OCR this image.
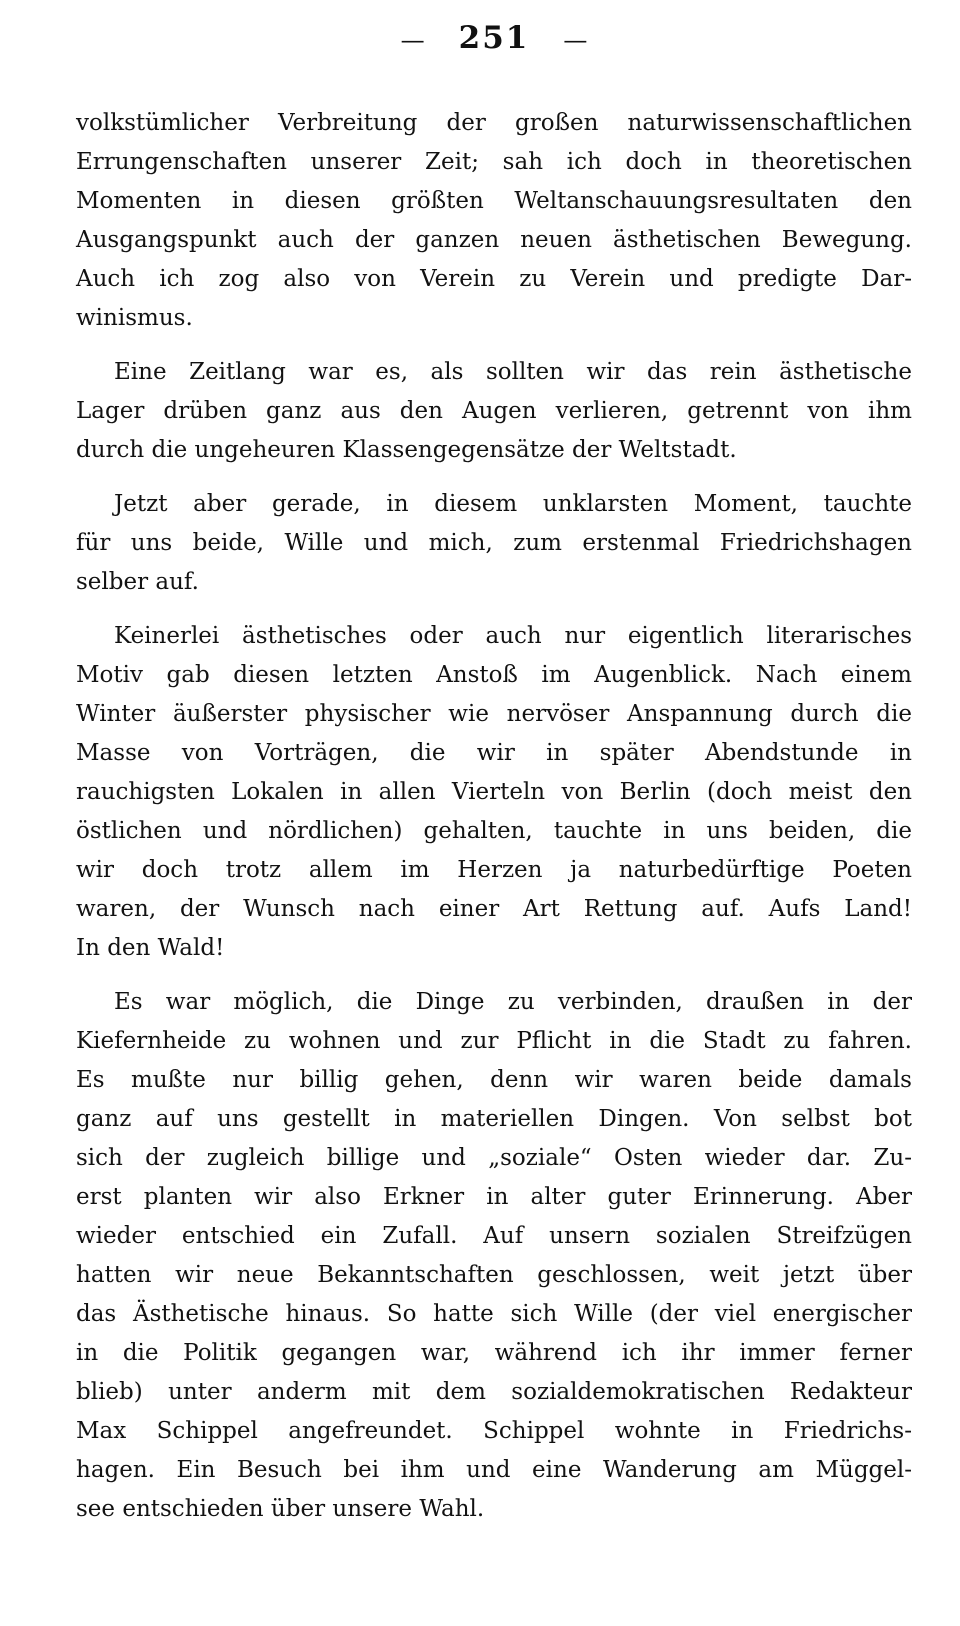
— 251 —

volkstümlicher Verbreitung der großen naturwissenschaftlichen
Errungenschaften unserer Zeit; sah ich doch in theoretischen
Momenten in diesen größten Weltanschauungsresultaten den
Ausgangspunkt auch der ganzen neuen ästhetischen Bewegung.
Auch ich zog also von Verein zu Verein und predigte Dar-
winismus.

Eine Zeitlang war es, als sollten wir das rein ästhetische
Lager drüben ganz aus den Augen verlieren, getrennt von ihm
durch die ungeheuren Klassengegensätze der Weltstadt.

Jetzt aber gerade, in diesem unklarsten Moment, tauchte
für uns beide, Wille und mich, zum erstenmal Friedrichshagen
selber auf.

Keinerlei ästhetisches oder auch nur eigentlich literarisches
Motiv gab diesen letzten Anstoß im Augenblick. Nach einem
Winter äußerster physischer wie nervöser Anspannung durch die
Masse von Vorträgen, die wir in später Abendstunde in
rauchigsten Lokalen in allen Vierteln von Berlin (doch meist den
östlichen und nördlichen) gehalten, tauchte in uns beiden, die
wir doch trotz allem im Herzen ja naturbedürftige Poeten
waren, der Wunsch nach einer Art Rettung auf. Aufs Land!
In den Wald!

Es war möglich, die Dinge zu verbinden, draußen in der
Kiefernheide zu wohnen und zur Pflicht in die Stadt zu fahren.
Es mußte nur billig gehen, denn wir waren beide damals
ganz auf uns gestellt in materiellen Dingen. Von selbst bot
sich der zugleich billige und „soziale“ Osten wieder dar. Zu-
erst planten wir also Erkner in alter guter Erinnerung. Aber
wieder entschied ein Zufall. Auf unsern sozialen Streifzügen
hatten wir neue Bekanntschaften geschlossen, weit jetzt über
das Ästhetische hinaus. So hatte sich Wille (der viel energischer
in die Politik gegangen war, während ich ihr immer ferner
blieb) unter anderm mit dem sozialdemokratischen Redakteur
Max Schippel angefreundet. Schippel wohnte in Friedrichs-
hagen. Ein Besuch bei ihm und eine Wanderung am Müggel-
see entschieden über unsere Wahl.
